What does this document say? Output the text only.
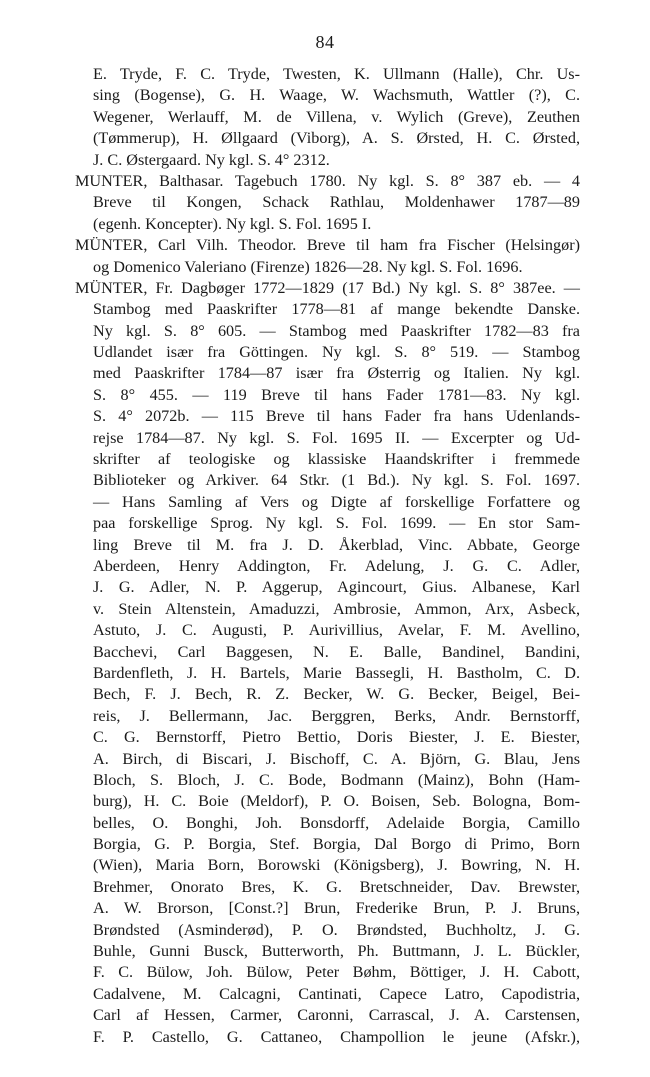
84
E. Tryde, F. C. Tryde, Twesten, K. Ullmann (Halle), Chr. Us-
sing (Bogense), G. H. Waage, W. Wachsmuth, Wattler (?), C.
Wegener, Werlauff, M. de Villena, v. Wylich (Greve), Zeuthen
(Tømmerup), H. Øllgaard (Viborg), A. S. Ørsted, H. C. Ørsted,
J. C. Østergaard. Ny kgl. S. 4° 2312.
MUNTER, Balthasar. Tagebuch 1780. Ny kgl. S. 8° 387 eb. — 4
Breve til Kongen, Schack Rathlau, Moldenhawer 1787—89
(egenh. Koncepter). Ny kgl. S. Fol. 1695 I.
MÜNTER, Carl Vilh. Theodor. Breve til ham fra Fischer (Helsingør)
og Domenico Valeriano (Firenze) 1826—28. Ny kgl. S. Fol. 1696.
MÜNTER, Fr. Dagbøger 1772—1829 (17 Bd.) Ny kgl. S. 8° 387ee. —
Stambog med Paaskrifter 1778—81 af mange bekendte Danske.
Ny kgl. S. 8° 605. — Stambog med Paaskrifter 1782—83 fra
Udlandet især fra Göttingen. Ny kgl. S. 8° 519. — Stambog
med Paaskrifter 1784—87 især fra Østerrig og Italien. Ny kgl.
S. 8° 455. — 119 Breve til hans Fader 1781—83. Ny kgl.
S. 4° 2072b. — 115 Breve til hans Fader fra hans Udenlands-
rejse 1784—87. Ny kgl. S. Fol. 1695 II. — Excerpter og Ud-
skrifter af teologiske og klassiske Haandskrifter i fremmede
Biblioteker og Arkiver. 64 Stkr. (1 Bd.). Ny kgl. S. Fol. 1697.
— Hans Samling af Vers og Digte af forskellige Forfattere og
paa forskellige Sprog. Ny kgl. S. Fol. 1699. — En stor Sam-
ling Breve til M. fra J. D. Åkerblad, Vinc. Abbate, George
Aberdeen, Henry Addington, Fr. Adelung, J. G. C. Adler,
J. G. Adler, N. P. Aggerup, Agincourt, Gius. Albanese, Karl
v. Stein Altenstein, Amaduzzi, Ambrosie, Ammon, Arx, Asbeck,
Astuto, J. C. Augusti, P. Aurivillius, Avelar, F. M. Avellino,
Bacchevi, Carl Baggesen, N. E. Balle, Bandinel, Bandini,
Bardenfleth, J. H. Bartels, Marie Bassegli, H. Bastholm, C. D.
Bech, F. J. Bech, R. Z. Becker, W. G. Becker, Beigel, Bei-
reis, J. Bellermann, Jac. Berggren, Berks, Andr. Bernstorff,
C. G. Bernstorff, Pietro Bettio, Doris Biester, J. E. Biester,
A. Birch, di Biscari, J. Bischoff, C. A. Björn, G. Blau, Jens
Bloch, S. Bloch, J. C. Bode, Bodmann (Mainz), Bohn (Ham-
burg), H. C. Boie (Meldorf), P. O. Boisen, Seb. Bologna, Bom-
belles, O. Bonghi, Joh. Bonsdorff, Adelaide Borgia, Camillo
Borgia, G. P. Borgia, Stef. Borgia, Dal Borgo di Primo, Born
(Wien), Maria Born, Borowski (Königsberg), J. Bowring, N. H.
Brehmer, Onorato Bres, K. G. Bretschneider, Dav. Brewster,
A. W. Brorson, [Const.?] Brun, Frederike Brun, P. J. Bruns,
Brøndsted (Asminderød), P. O. Brøndsted, Buchholtz, J. G.
Buhle, Gunni Busck, Butterworth, Ph. Buttmann, J. L. Bückler,
F. C. Bülow, Joh. Bülow, Peter Bøhm, Böttiger, J. H. Cabott,
Cadalvene, M. Calcagni, Cantinati, Capece Latro, Capodistria,
Carl af Hessen, Carmer, Caronni, Carrascal, J. A. Carstensen,
F. P. Castello, G. Cattaneo, Champollion le jeune (Afskr.),
